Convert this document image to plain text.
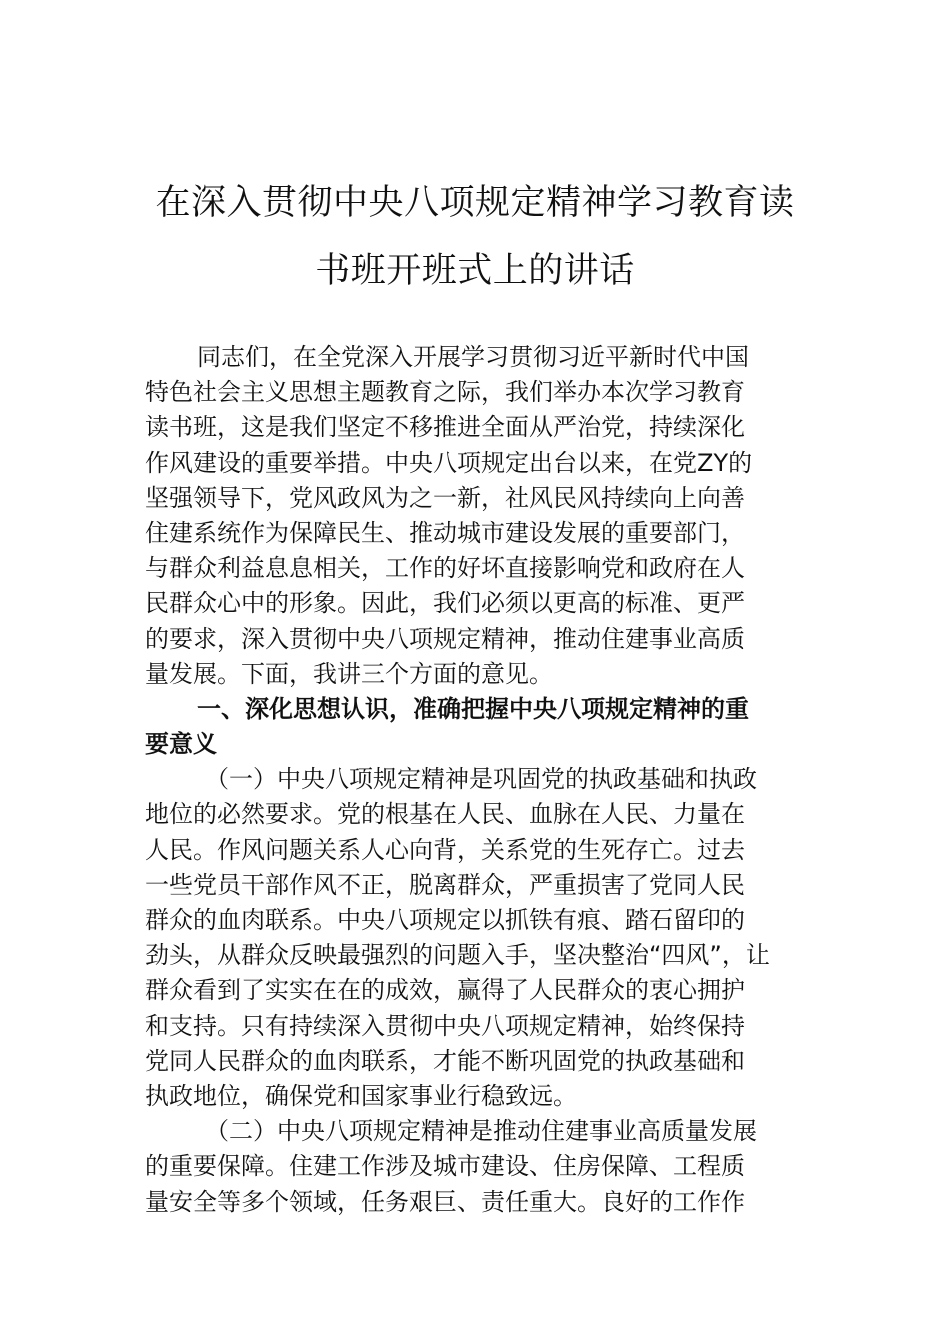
在深入贯彻中央八项规定精神学习教育读
书班开班式上的讲话
同志们，在全党深入开展学习贯彻习近平新时代中国
特色社会主义思想主题教育之际，我们举办本次学习教育
读书班，这是我们坚定不移推进全面从严治党，持续深化
作风建设的重要举措。中央八项规定出台以来，在党ZY的
坚强领导下，党风政风为之一新，社风民风持续向上向善
住建系统作为保障民生、推动城市建设发展的重要部门，
与群众利益息息相关，工作的好坏直接影响党和政府在人
民群众心中的形象。因此，我们必须以更高的标准、更严
的要求，深入贯彻中央八项规定精神，推动住建事业高质
量发展。下面，我讲三个方面的意见。
一、深化思想认识，准确把握中央八项规定精神的重
要意义
（一）中央八项规定精神是巩固党的执政基础和执政
地位的必然要求。党的根基在人民、血脉在人民、力量在
人民。作风问题关系人心向背，关系党的生死存亡。过去
一些党员干部作风不正，脱离群众，严重损害了党同人民
群众的血肉联系。中央八项规定以抓铁有痕、踏石留印的
劲头，从群众反映最强烈的问题入手，坚决整治“四风”，让
群众看到了实实在在的成效，赢得了人民群众的衷心拥护
和支持。只有持续深入贯彻中央八项规定精神，始终保持
党同人民群众的血肉联系，才能不断巩固党的执政基础和
执政地位，确保党和国家事业行稳致远。
（二）中央八项规定精神是推动住建事业高质量发展
的重要保障。住建工作涉及城市建设、住房保障、工程质
量安全等多个领域，任务艰巨、责任重大。良好的工作作
